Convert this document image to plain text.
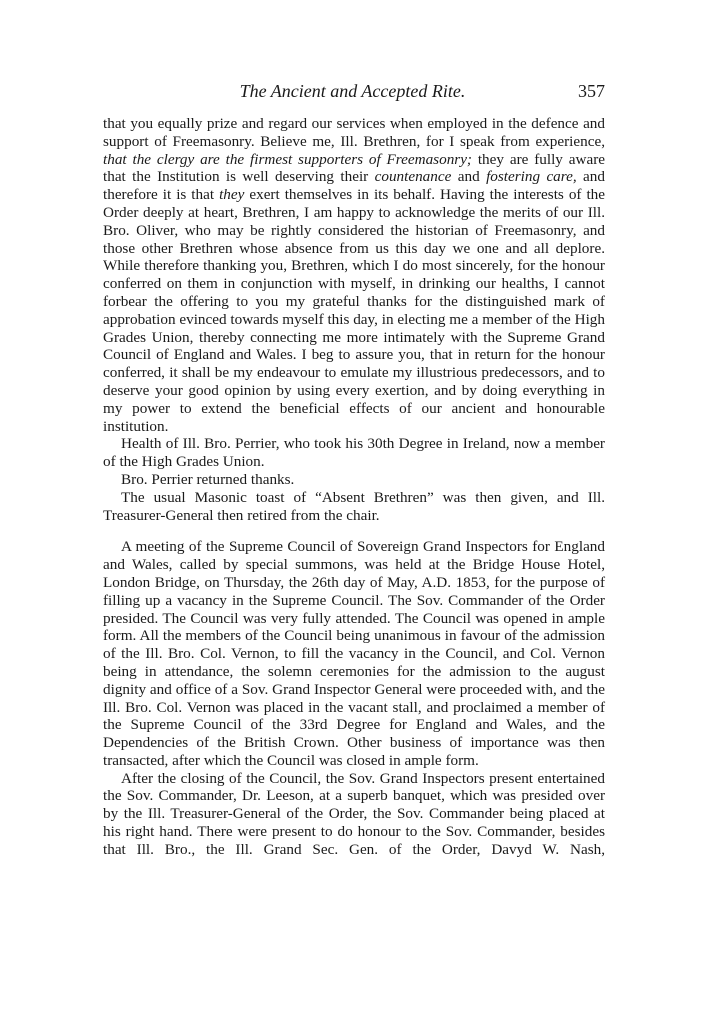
The Ancient and Accepted Rite.	357

that you equally prize and regard our services when employed in the defence and support of Freemasonry. Believe me, Ill. Brethren, for I speak from experience, that the clergy are the firmest supporters of Freemasonry; they are fully aware that the Institution is well deserving their countenance and fostering care, and therefore it is that they exert themselves in its behalf. Having the interests of the Order deeply at heart, Brethren, I am happy to acknowledge the merits of our Ill. Bro. Oliver, who may be rightly considered the historian of Freemasonry, and those other Brethren whose absence from us this day we one and all deplore. While therefore thanking you, Brethren, which I do most sincerely, for the honour conferred on them in conjunction with myself, in drinking our healths, I cannot forbear the offering to you my grateful thanks for the distinguished mark of approbation evinced towards myself this day, in electing me a member of the High Grades Union, thereby connecting me more intimately with the Supreme Grand Council of England and Wales. I beg to assure you, that in return for the honour conferred, it shall be my endeavour to emulate my illustrious predecessors, and to deserve your good opinion by using every exertion, and by doing everything in my power to extend the beneficial effects of our ancient and honourable institution.

Health of Ill. Bro. Perrier, who took his 30th Degree in Ireland, now a member of the High Grades Union.

Bro. Perrier returned thanks.

The usual Masonic toast of “Absent Brethren” was then given, and Ill. Treasurer-General then retired from the chair.

A meeting of the Supreme Council of Sovereign Grand Inspectors for England and Wales, called by special summons, was held at the Bridge House Hotel, London Bridge, on Thursday, the 26th day of May, A.D. 1853, for the purpose of filling up a vacancy in the Supreme Council. The Sov. Commander of the Order presided. The Council was very fully attended. The Council was opened in ample form. All the members of the Council being unanimous in favour of the admission of the Ill. Bro. Col. Vernon, to fill the vacancy in the Council, and Col. Vernon being in attendance, the solemn ceremonies for the admission to the august dignity and office of a Sov. Grand Inspector General were proceeded with, and the Ill. Bro. Col. Vernon was placed in the vacant stall, and proclaimed a member of the Supreme Council of the 33rd Degree for England and Wales, and the Dependencies of the British Crown. Other business of importance was then transacted, after which the Council was closed in ample form.

After the closing of the Council, the Sov. Grand Inspectors present entertained the Sov. Commander, Dr. Leeson, at a superb banquet, which was presided over by the Ill. Treasurer-General of the Order, the Sov. Commander being placed at his right hand. There were present to do honour to the Sov. Commander, besides that Ill. Bro., the Ill. Grand Sec. Gen. of the Order, Davyd W. Nash,
